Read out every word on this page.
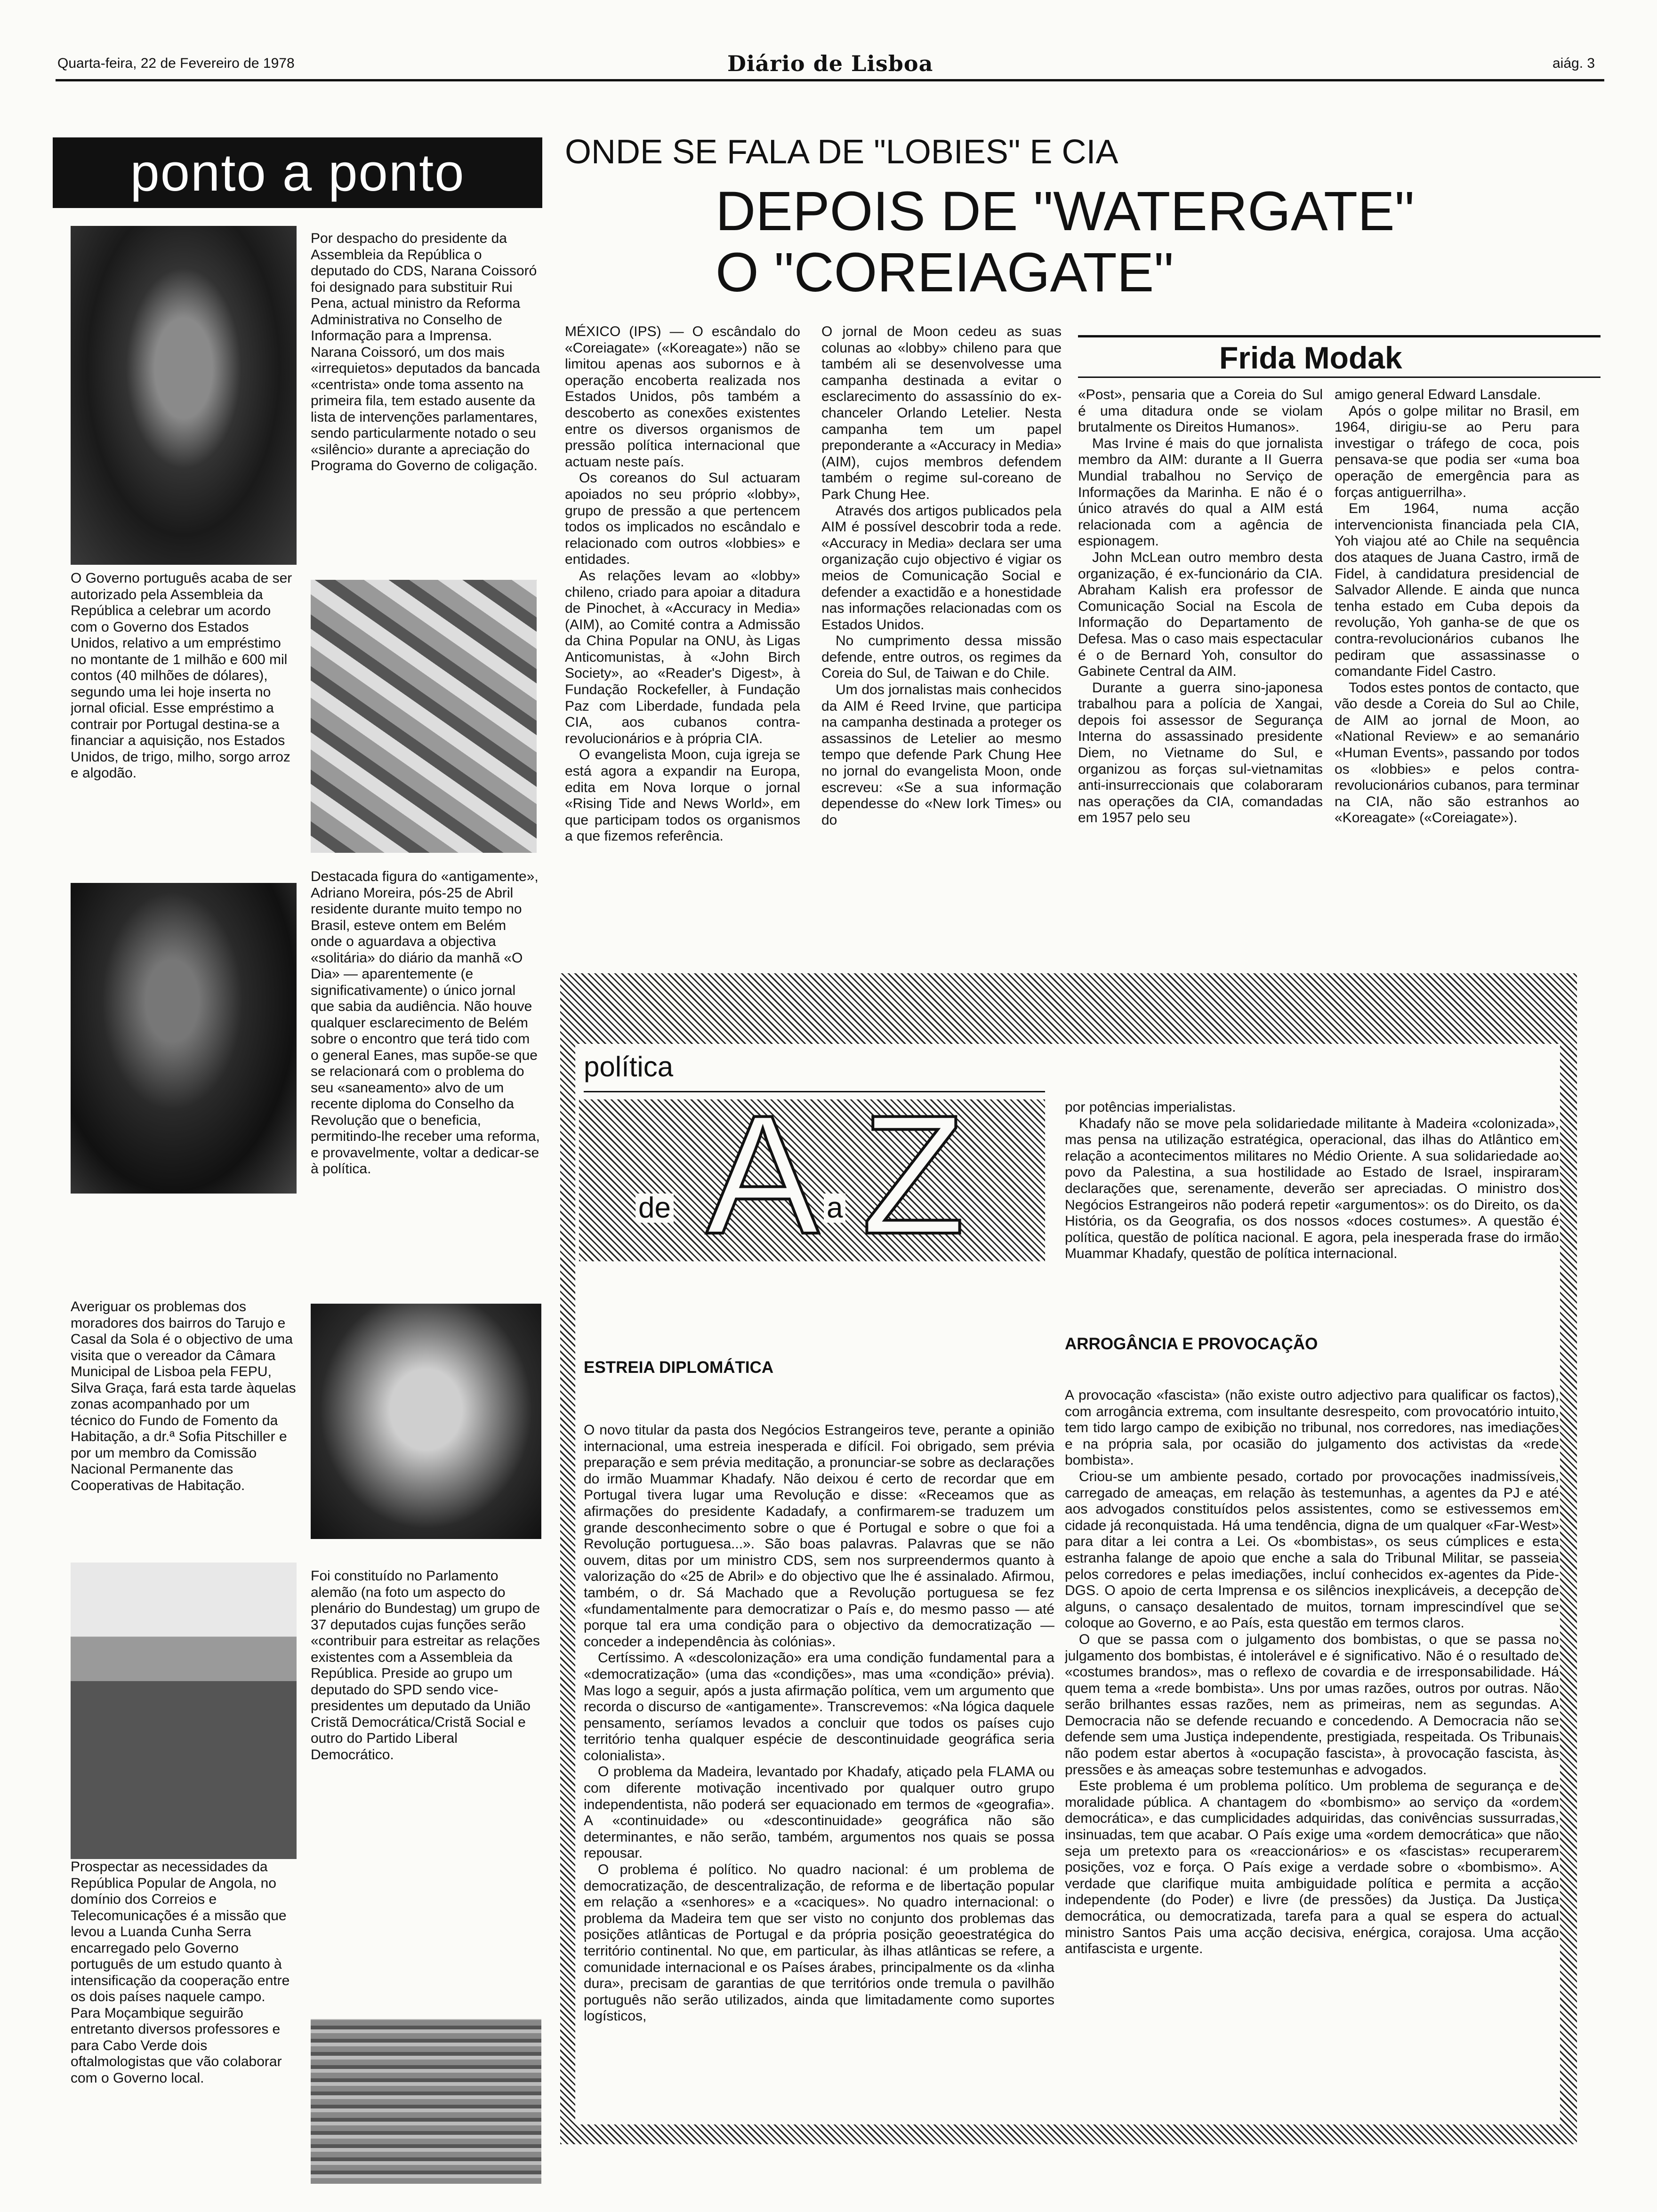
Quarta-feira, 22 de Fevereiro de 1978	Diário de Lisboa	aiág. 3
ponto a ponto
Por despacho do presidente da Assembleia da República o deputado do CDS, Narana Coissoró foi designado para substituir Rui Pena, actual ministro da Reforma Administrativa no Conselho de Informação para a Imprensa. Narana Coissoró, um dos mais «irrequietos» deputados da bancada «centrista» onde toma assento na primeira fila, tem estado ausente da lista de intervenções parlamentares, sendo particularmente notado o seu «silêncio» durante a apreciação do Programa do Governo de coligação.
O Governo português acaba de ser autorizado pela Assembleia da República a celebrar um acordo com o Governo dos Estados Unidos, relativo a um empréstimo no montante de 1 milhão e 600 mil contos (40 milhões de dólares), segundo uma lei hoje inserta no jornal oficial. Esse empréstimo a contrair por Portugal destina-se a financiar a aquisição, nos Estados Unidos, de trigo, milho, sorgo arroz e algodão.
Destacada figura do «antigamente», Adriano Moreira, pós-25 de Abril residente durante muito tempo no Brasil, esteve ontem em Belém onde o aguardava a objectiva «solitária» do diário da manhã «O Dia» — aparentemente (e significativamente) o único jornal que sabia da audiência. Não houve qualquer esclarecimento de Belém sobre o encontro que terá tido com o general Eanes, mas supõe-se que se relacionará com o problema do seu «saneamento» alvo de um recente diploma do Conselho da Revolução que o beneficia, permitindo-lhe receber uma reforma, e provavelmente, voltar a dedicar-se à política.
Averiguar os problemas dos moradores dos bairros do Tarujo e Casal da Sola é o objectivo de uma visita que o vereador da Câmara Municipal de Lisboa pela FEPU, Silva Graça, fará esta tarde àquelas zonas acompanhado por um técnico do Fundo de Fomento da Habitação, a dr.ª Sofia Pitschiller e por um membro da Comissão Nacional Permanente das Cooperativas de Habitação.
Foi constituído no Parlamento alemão (na foto um aspecto do plenário do Bundestag) um grupo de 37 deputados cujas funções serão «contribuir para estreitar as relações existentes com a Assembleia da República. Preside ao grupo um deputado do SPD sendo vice-presidentes um deputado da União Cristã Democrática/Cristã Social e outro do Partido Liberal Democrático.
Prospectar as necessidades da República Popular de Angola, no domínio dos Correios e Telecomunicações é a missão que levou a Luanda Cunha Serra encarregado pelo Governo português de um estudo quanto à intensificação da cooperação entre os dois países naquele campo. Para Moçambique seguirão entretanto diversos professores e para Cabo Verde dois oftalmologistas que vão colaborar com o Governo local.
ONDE SE FALA DE "LOBIES" E CIA
DEPOIS DE "WATERGATE"
O "COREIAGATE"
Frida Modak

MÉXICO (IPS) — O escândalo do «Coreiagate» («Koreagate») não se limitou apenas aos subornos e à operação encoberta realizada nos Estados Unidos, pôs também a descoberto as conexões existentes entre os diversos organismos de pressão política internacional que actuam neste país.

Os coreanos do Sul actuaram apoiados no seu próprio «lobby», grupo de pressão a que pertencem todos os implicados no escândalo e relacionado com outros «lobbies» e entidades.

As relações levam ao «lobby» chileno, criado para apoiar a ditadura de Pinochet, à «Accuracy in Media» (AIM), ao Comité contra a Admissão da China Popular na ONU, às Ligas Anticomunistas, à «John Birch Society», ao «Reader's Digest», à Fundação Rockefeller, à Fundação Paz com Liberdade, fundada pela CIA, aos cubanos contra-revolucionários e à própria CIA.

O evangelista Moon, cuja igreja se está agora a expandir na Europa, edita em Nova Iorque o jornal «Rising Tide and News World», em que participam todos os organismos a que fizemos referência.

O jornal de Moon cedeu as suas colunas ao «lobby» chileno para que também ali se desenvolvesse uma campanha destinada a evitar o esclarecimento do assassínio do ex-chanceler Orlando Letelier. Nesta campanha tem um papel preponderante a «Accuracy in Media» (AIM), cujos membros defendem também o regime sul-coreano de Park Chung Hee.

Através dos artigos publicados pela AIM é possível descobrir toda a rede. «Accuracy in Media» declara ser uma organização cujo objectivo é vigiar os meios de Comunicação Social e defender a exactidão e a honestidade nas informações relacionadas com os Estados Unidos.

No cumprimento dessa missão defende, entre outros, os regimes da Coreia do Sul, de Taiwan e do Chile.

Um dos jornalistas mais conhecidos da AIM é Reed Irvine, que participa na campanha destinada a proteger os assassinos de Letelier ao mesmo tempo que defende Park Chung Hee no jornal do evangelista Moon, onde escreveu: «Se a sua informação dependesse do «New Iork Times» ou do

«Post», pensaria que a Coreia do Sul é uma ditadura onde se violam brutalmente os Direitos Humanos».

Mas Irvine é mais do que jornalista membro da AIM: durante a II Guerra Mundial trabalhou no Serviço de Informações da Marinha. E não é o único através do qual a AIM está relacionada com a agência de espionagem.

John McLean outro membro desta organização, é ex-funcionário da CIA. Abraham Kalish era professor de Comunicação Social na Escola de Informação do Departamento de Defesa. Mas o caso mais espectacular é o de Bernard Yoh, consultor do Gabinete Central da AIM.

Durante a guerra sino-japonesa trabalhou para a polícia de Xangai, depois foi assessor de Segurança Interna do assassinado presidente Diem, no Vietname do Sul, e organizou as forças sul-vietnamitas anti-insurreccionais que colaboraram nas operações da CIA, comandadas em 1957 pelo seu

amigo general Edward Lansdale.

Após o golpe militar no Brasil, em 1964, dirigiu-se ao Peru para investigar o tráfego de coca, pois pensava-se que podia ser «uma boa operação de emergência para as forças antiguerrilha».

Em 1964, numa acção intervencionista financiada pela CIA, Yoh viajou até ao Chile na sequência dos ataques de Juana Castro, irmã de Fidel, à candidatura presidencial de Salvador Allende. E ainda que nunca tenha estado em Cuba depois da revolução, Yoh ganha-se de que os contra-revolucionários cubanos lhe pediram que assassinasse o comandante Fidel Castro.

Todos estes pontos de contacto, que vão desde a Coreia do Sul ao Chile, de AIM ao jornal de Moon, ao «National Review» e ao semanário «Human Events», passando por todos os «lobbies» e pelos contra-revolucionários cubanos, para terminar na CIA, não são estranhos ao «Koreagate» («Coreiagate»).

política
de A a Z	por potências imperialistas.

Khadafy não se move pela solidariedade militante à Madeira «colonizada», mas pensa na utilização estratégica, operacional, das ilhas do Atlântico em relação a acontecimentos militares no Médio Oriente. A sua solidariedade ao povo da Palestina, a sua hostilidade ao Estado de Israel, inspiraram declarações que, serenamente, deverão ser apreciadas. O ministro dos Negócios Estrangeiros não poderá repetir «argumentos»: os do Direito, os da História, os da Geografia, os dos nossos «doces costumes». A questão é política, questão de política nacional. E agora, pela inesperada frase do irmão Muammar Khadafy, questão de política internacional.

ESTREIA DIPLOMÁTICA
ARROGÂNCIA E PROVOCAÇÃO

O novo titular da pasta dos Negócios Estrangeiros teve, perante a opinião internacional, uma estreia inesperada e difícil. Foi obrigado, sem prévia preparação e sem prévia meditação, a pronunciar-se sobre as declarações do irmão Muammar Khadafy. Não deixou é certo de recordar que em Portugal tivera lugar uma Revolução e disse: «Receamos que as afirmações do presidente Kadadafy, a confirmarem-se traduzem um grande desconhecimento sobre o que é Portugal e sobre o que foi a Revolução portuguesa...». São boas palavras. Palavras que se não ouvem, ditas por um ministro CDS, sem nos surpreendermos quanto à valorização do «25 de Abril» e do objectivo que lhe é assinalado. Afirmou, também, o dr. Sá Machado que a Revolução portuguesa se fez «fundamentalmente para democratizar o País e, do mesmo passo — até porque tal era uma condição para o objectivo da democratização — conceder a independência às colónias».

Certíssimo. A «descolonização» era uma condição fundamental para a «democratização» (uma das «condições», mas uma «condição» prévia). Mas logo a seguir, após a justa afirmação política, vem um argumento que recorda o discurso de «antigamente». Transcrevemos: «Na lógica daquele pensamento, seríamos levados a concluir que todos os países cujo território tenha qualquer espécie de descontinuidade geográfica seria colonialista».

O problema da Madeira, levantado por Khadafy, atiçado pela FLAMA ou com diferente motivação incentivado por qualquer outro grupo independentista, não poderá ser equacionado em termos de «geografia». A «continuidade» ou «descontinuidade» geográfica não são determinantes, e não serão, também, argumentos nos quais se possa repousar.

O problema é político. No quadro nacional: é um problema de democratização, de descentralização, de reforma e de libertação popular em relação a «senhores» e a «caciques». No quadro internacional: o problema da Madeira tem que ser visto no conjunto dos problemas das posições atlânticas de Portugal e da própria posição geoestratégica do território continental. No que, em particular, às ilhas atlânticas se refere, a comunidade internacional e os Países árabes, principalmente os da «linha dura», precisam de garantias de que territórios onde tremula o pavilhão português não serão utilizados, ainda que limitadamente como suportes logísticos,

A provocação «fascista» (não existe outro adjectivo para qualificar os factos), com arrogância extrema, com insultante desrespeito, com provocatório intuito, tem tido largo campo de exibição no tribunal, nos corredores, nas imediações e na própria sala, por ocasião do julgamento dos activistas da «rede bombista».

Criou-se um ambiente pesado, cortado por provocações inadmissíveis, carregado de ameaças, em relação às testemunhas, a agentes da PJ e até aos advogados constituídos pelos assistentes, como se estivessemos em cidade já reconquistada. Há uma tendência, digna de um qualquer «Far-West» para ditar a lei contra a Lei. Os «bombistas», os seus cúmplices e esta estranha falange de apoio que enche a sala do Tribunal Militar, se passeia pelos corredores e pelas imediações, incluí conhecidos ex-agentes da Pide-DGS. O apoio de certa Imprensa e os silêncios inexplicáveis, a decepção de alguns, o cansaço desalentado de muitos, tornam imprescindível que se coloque ao Governo, e ao País, esta questão em termos claros.

O que se passa com o julgamento dos bombistas, o que se passa no julgamento dos bombistas, é intolerável e é significativo. Não é o resultado de «costumes brandos», mas o reflexo de covardia e de irresponsabilidade. Há quem tema a «rede bombista». Uns por umas razões, outros por outras. Não serão brilhantes essas razões, nem as primeiras, nem as segundas. A Democracia não se defende recuando e concedendo. A Democracia não se defende sem uma Justiça independente, prestigiada, respeitada. Os Tribunais não podem estar abertos à «ocupação fascista», à provocação fascista, às pressões e às ameaças sobre testemunhas e advogados.

Este problema é um problema político. Um problema de segurança e de moralidade pública. A chantagem do «bombismo» ao serviço da «ordem democrática», e das cumplicidades adquiridas, das conivências sussurradas, insinuadas, tem que acabar. O País exige uma «ordem democrática» que não seja um pretexto para os «reaccionários» e os «fascistas» recuperarem posições, voz e força. O País exige a verdade sobre o «bombismo». A verdade que clarifique muita ambiguidade política e permita a acção independente (do Poder) e livre (de pressões) da Justiça. Da Justiça democrática, ou democratizada, tarefa para a qual se espera do actual ministro Santos Pais uma acção decisiva, enérgica, corajosa. Uma acção antifascista e urgente.
